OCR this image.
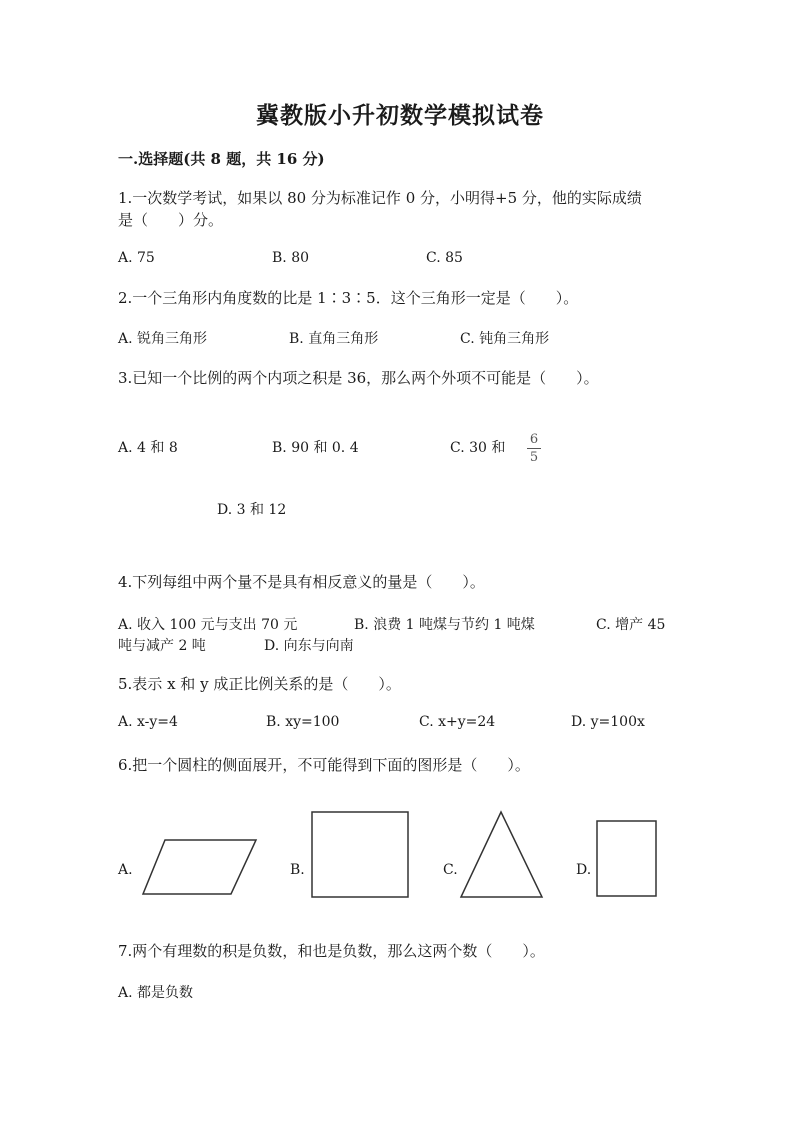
冀教版小升初数学模拟试卷
一.选择题(共 8 题，共 16 分)
1.一次数学考试，如果以 80 分为标准记作 0 分，小明得+5 分，他的实际成绩
是（　　）分。
A. 75	B. 80	C. 85
2.一个三角形内角度数的比是 1∶3∶5．这个三角形一定是（　　）。
A. 锐角三角形	B. 直角三角形	C. 钝角三角形
3.已知一个比例的两个内项之积是 36，那么两个外项不可能是（　　）。
A. 4 和 8	B. 90 和 0. 4	C. 30 和
6
5
D. 3 和 12
4.下列每组中两个量不是具有相反意义的量是（　　）。
A. 收入 100 元与支出 70 元	B. 浪费 1 吨煤与节约 1 吨煤	C. 增产 45
吨与减产 2 吨	D. 向东与向南
5.表示 x 和 y 成正比例关系的是（　　）。
A. x-y=4	B. xy=100	C. x+y=24	D. y=100x
6.把一个圆柱的侧面展开，不可能得到下面的图形是（　　）。
A.	B.	C.	D.
7.两个有理数的积是负数，和也是负数，那么这两个数（　　）。
A. 都是负数
